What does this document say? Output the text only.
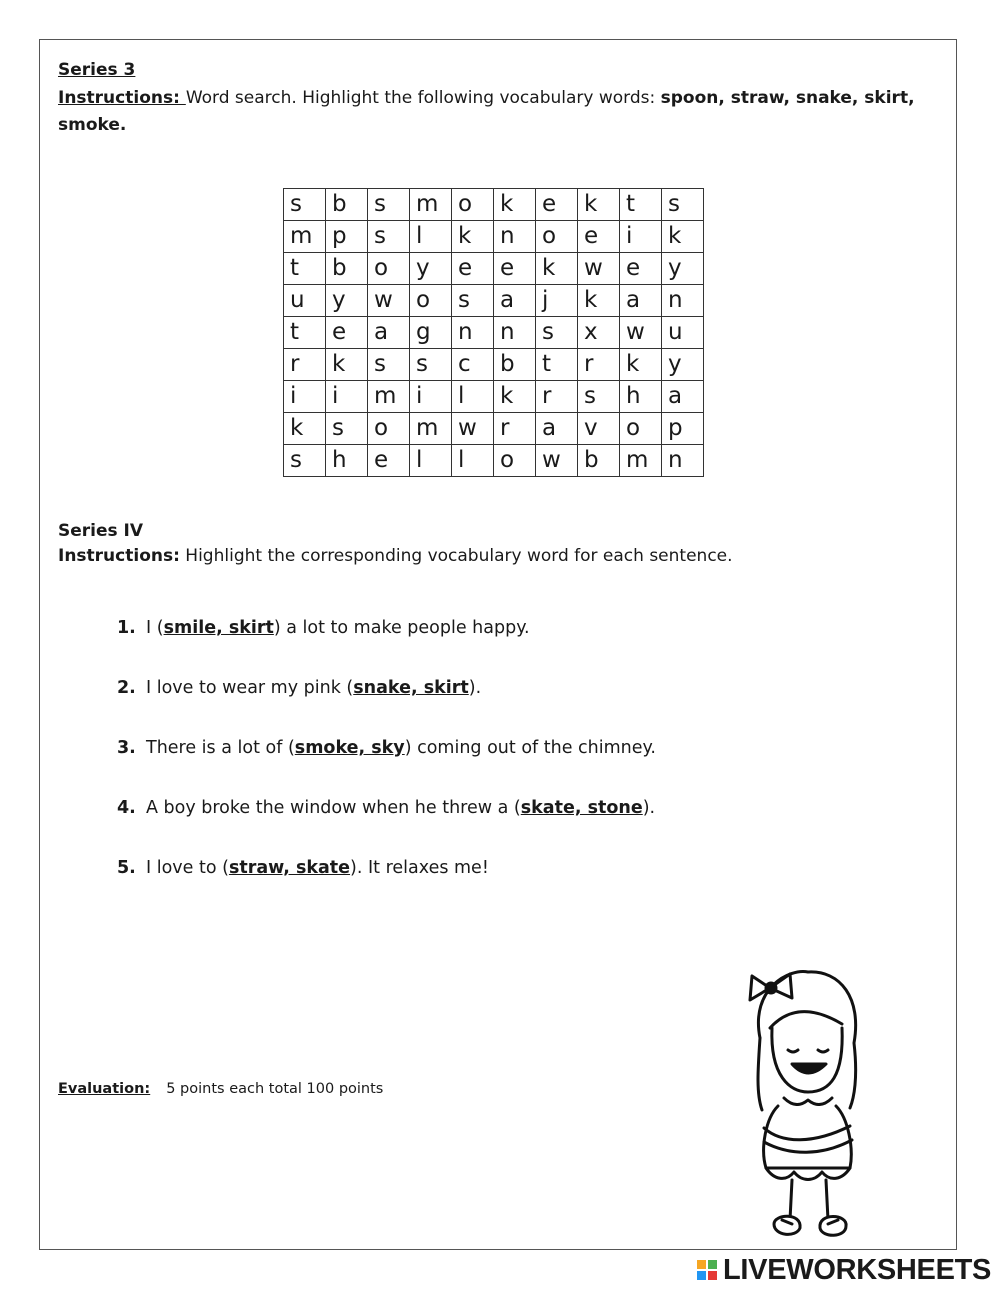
Series 3
Instructions: Word search. Highlight the following vocabulary words: spoon, straw, snake, skirt, smoke.
s	b	s	m	o	k	e	k	t	s
m	p	s	l	k	n	o	e	i	k
t	b	o	y	e	e	k	w	e	y
u	y	w	o	s	a	j	k	a	n
t	e	a	g	n	n	s	x	w	u
r	k	s	s	c	b	t	r	k	y
i	i	m	i	l	k	r	s	h	a
k	s	o	m	w	r	a	v	o	p
s	h	e	l	l	o	w	b	m	n
Series IV
Instructions: Highlight the corresponding vocabulary word for each sentence.
1. I (smile, skirt) a lot to make people happy.
2. I love to wear my pink (snake, skirt).
3. There is a lot of (smoke, sky) coming out of the chimney.
4. A boy broke the window when he threw a (skate, stone).
5. I love to (straw, skate). It relaxes me!
Evaluation: 5 points each total 100 points
LIVEWORKSHEETS
